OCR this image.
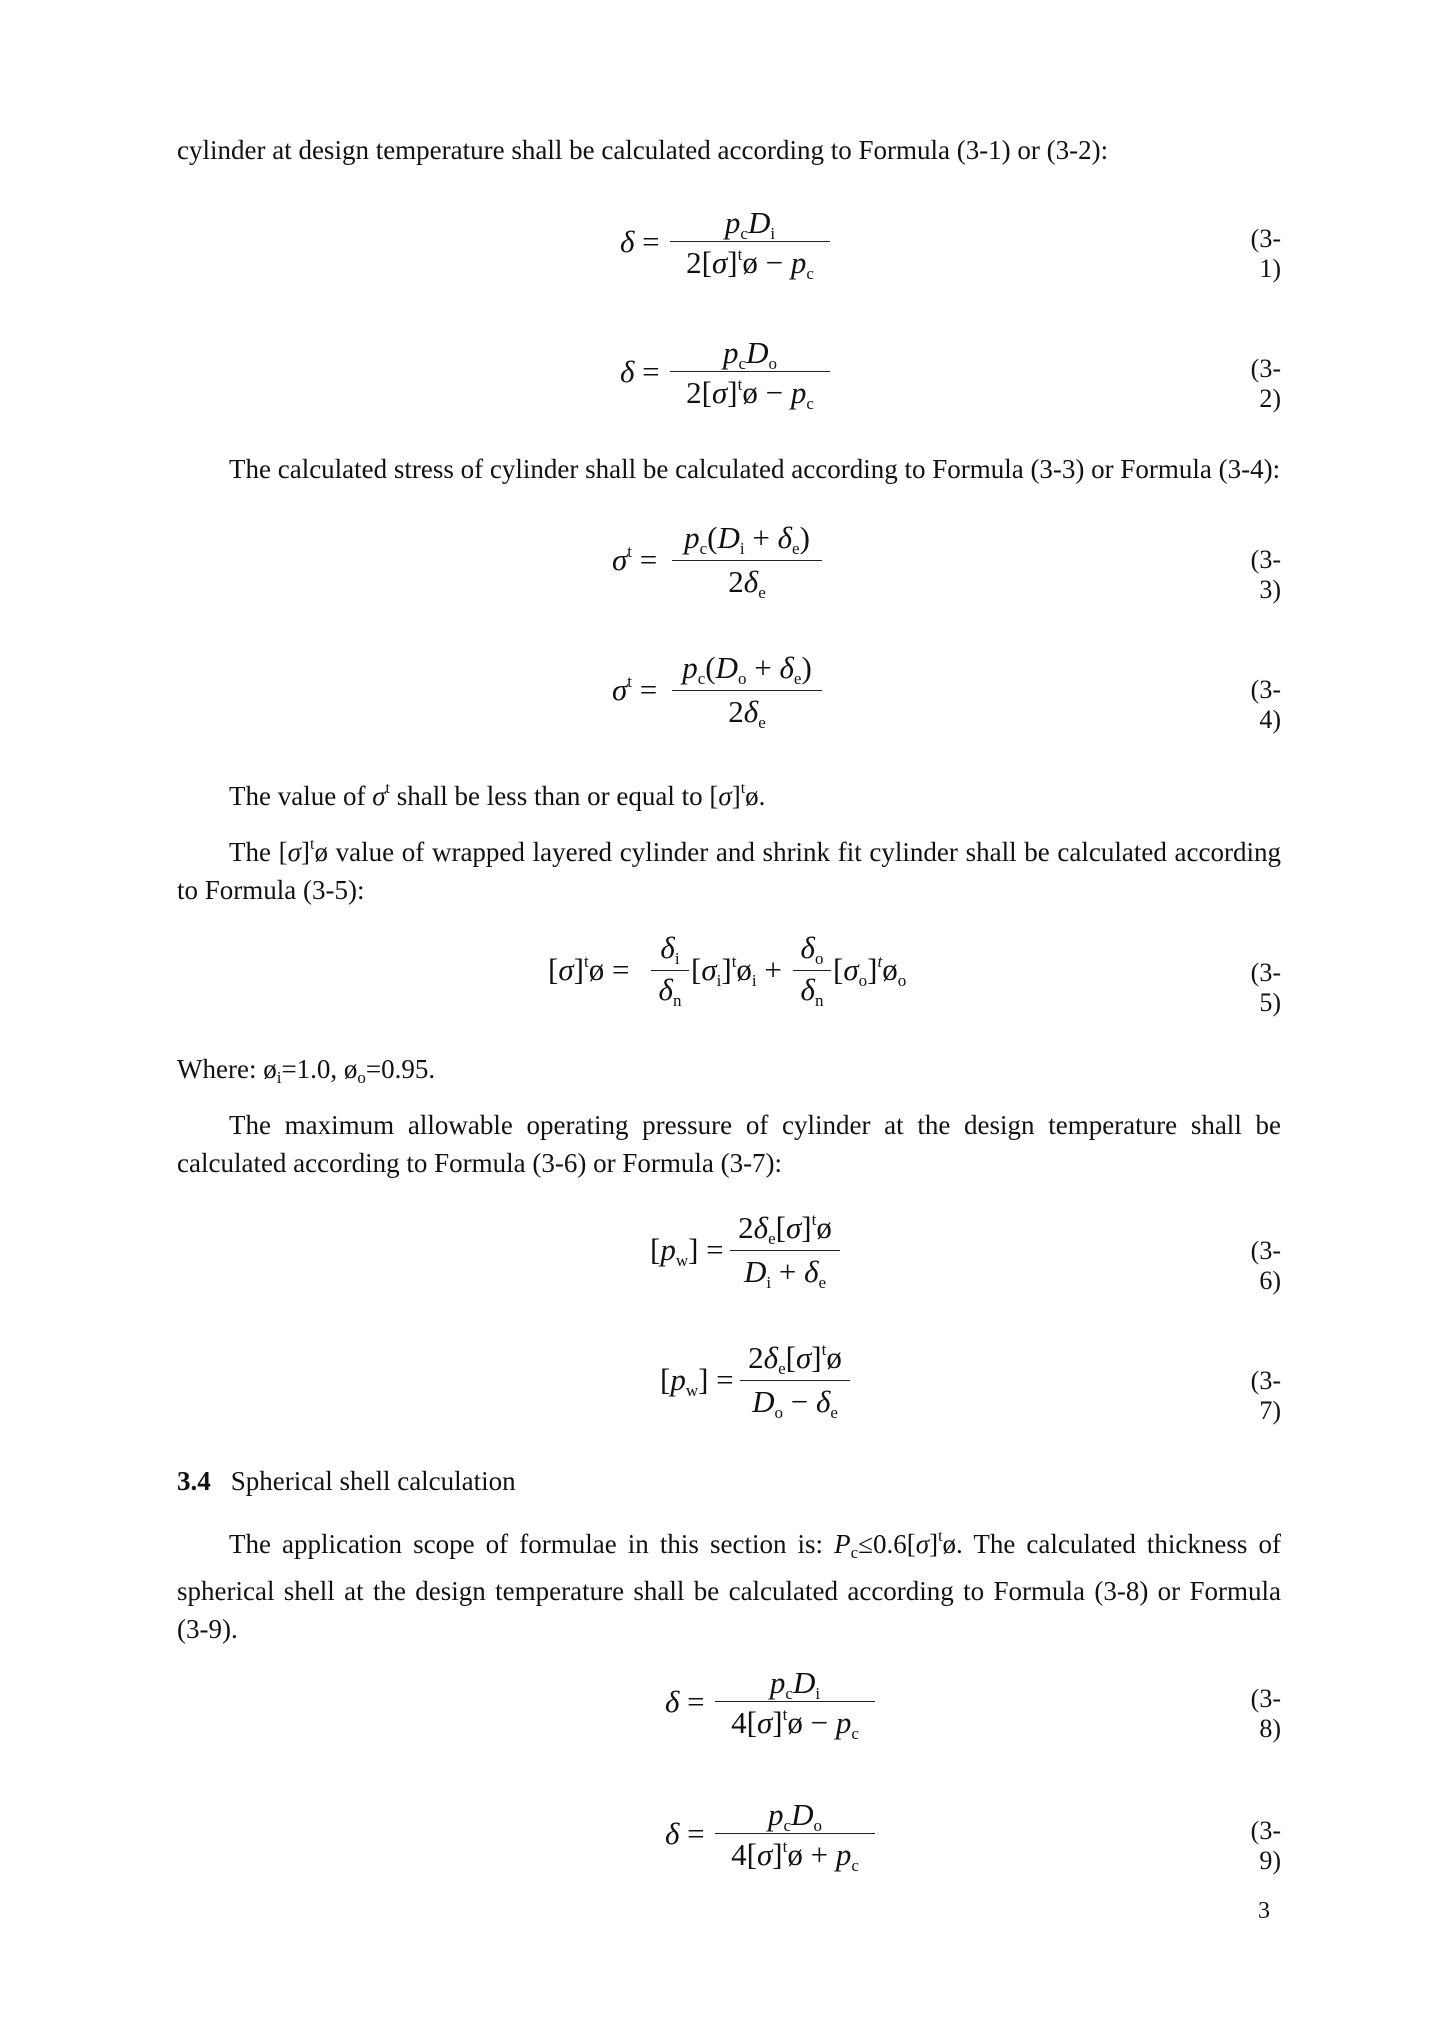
cylinder at design temperature shall be calculated according to Formula (3-1) or (3-2):
δ =
$p_cD_i$
$2[\sigma]^tø - p_c$
(3-1)
δ =
$p_cD_o$
$2[\sigma]^tø - p_c$
(3-2)
The calculated stress of cylinder shall be calculated according to Formula (3-3) or Formula (3-4):
$\sigma^t$ =
$p_c(D_i + \delta_e)$
$2\delta_e$
(3-3)
$\sigma^t$ =
$p_c(D_o + \delta_e)$
$2\delta_e$
(3-4)
The value of $\sigma^t$ shall be less than or equal to $[\sigma]^tø$.
The $[\sigma]^tø$ value of wrapped layered cylinder and shrink fit cylinder shall be calculated according to Formula (3-5):
$[\sigma]^tø$ =
$\delta_i$
$\delta_n$
$[\sigma_i]^tø_i$ +
$\delta_o$
$\delta_n$
$[\sigma_o]^tø_o$	(3-5)
Where: $ø_i=1.0$, $ø_o=0.95$.
The maximum allowable operating pressure of cylinder at the design temperature shall be calculated according to Formula (3-6) or Formula (3-7):
$[p_w]$ =
$2\delta_e[\sigma]^tø$
$D_i + \delta_e$
(3-6)
$[p_w]$ =
$2\delta_e[\sigma]^tø$
$D_o - \delta_e$
(3-7)
3.4 Spherical shell calculation
The application scope of formulae in this section is: $P_c\le 0.6[\sigma]^tø$. The calculated thickness of spherical shell at the design temperature shall be calculated according to Formula (3-8) or Formula (3-9).
δ =
$p_cD_i$
$4[\sigma]^tø - p_c$
(3-8)
δ =
$p_cD_o$
$4[\sigma]^tø + p_c$
(3-9)
3
